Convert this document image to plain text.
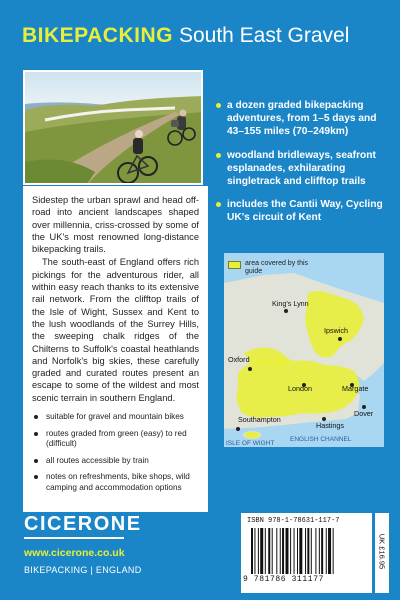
BIKEPACKING South East Gravel
a dozen graded bikepacking adventures, from 1–5 days and 43–155 miles (70–249km)
woodland bridleways, seafront esplanades, exhilarating singletrack and clifftop trails
includes the Cantii Way, Cycling UK's circuit of Kent

Sidestep the urban sprawl and head off-road into ancient landscapes shaped over millennia, criss-crossed by some of the UK's most renowned long-distance bikepacking trails.

The south-east of England offers rich pickings for the adventurous rider, all within easy reach thanks to its extensive rail network. From the clifftop trails of the Isle of Wight, Sussex and Kent to the lush woodlands of the Surrey Hills, the sweeping chalk ridges of the Chilterns to Suffolk's coastal heathlands and Norfolk's big skies, these carefully graded and curated routes present an escape to some of the wildest and most scenic terrain in southern England.

suitable for gravel and mountain bikes
routes graded from green (easy) to red (difficult)
all routes accessible by train
notes on refreshments, bike shops, wild camping and accommodation options
area covered by this guide
King's Lynn
Ipswich
Oxford
London	Margate
Dover
Southampton
Hastings
ISLE OF WIGHT
ENGLISH CHANNEL
CICERONE
www.cicerone.co.uk
BIKEPACKING | ENGLAND
ISBN 978-1-78631-117-7
9 781786 311177
UK £16.95
